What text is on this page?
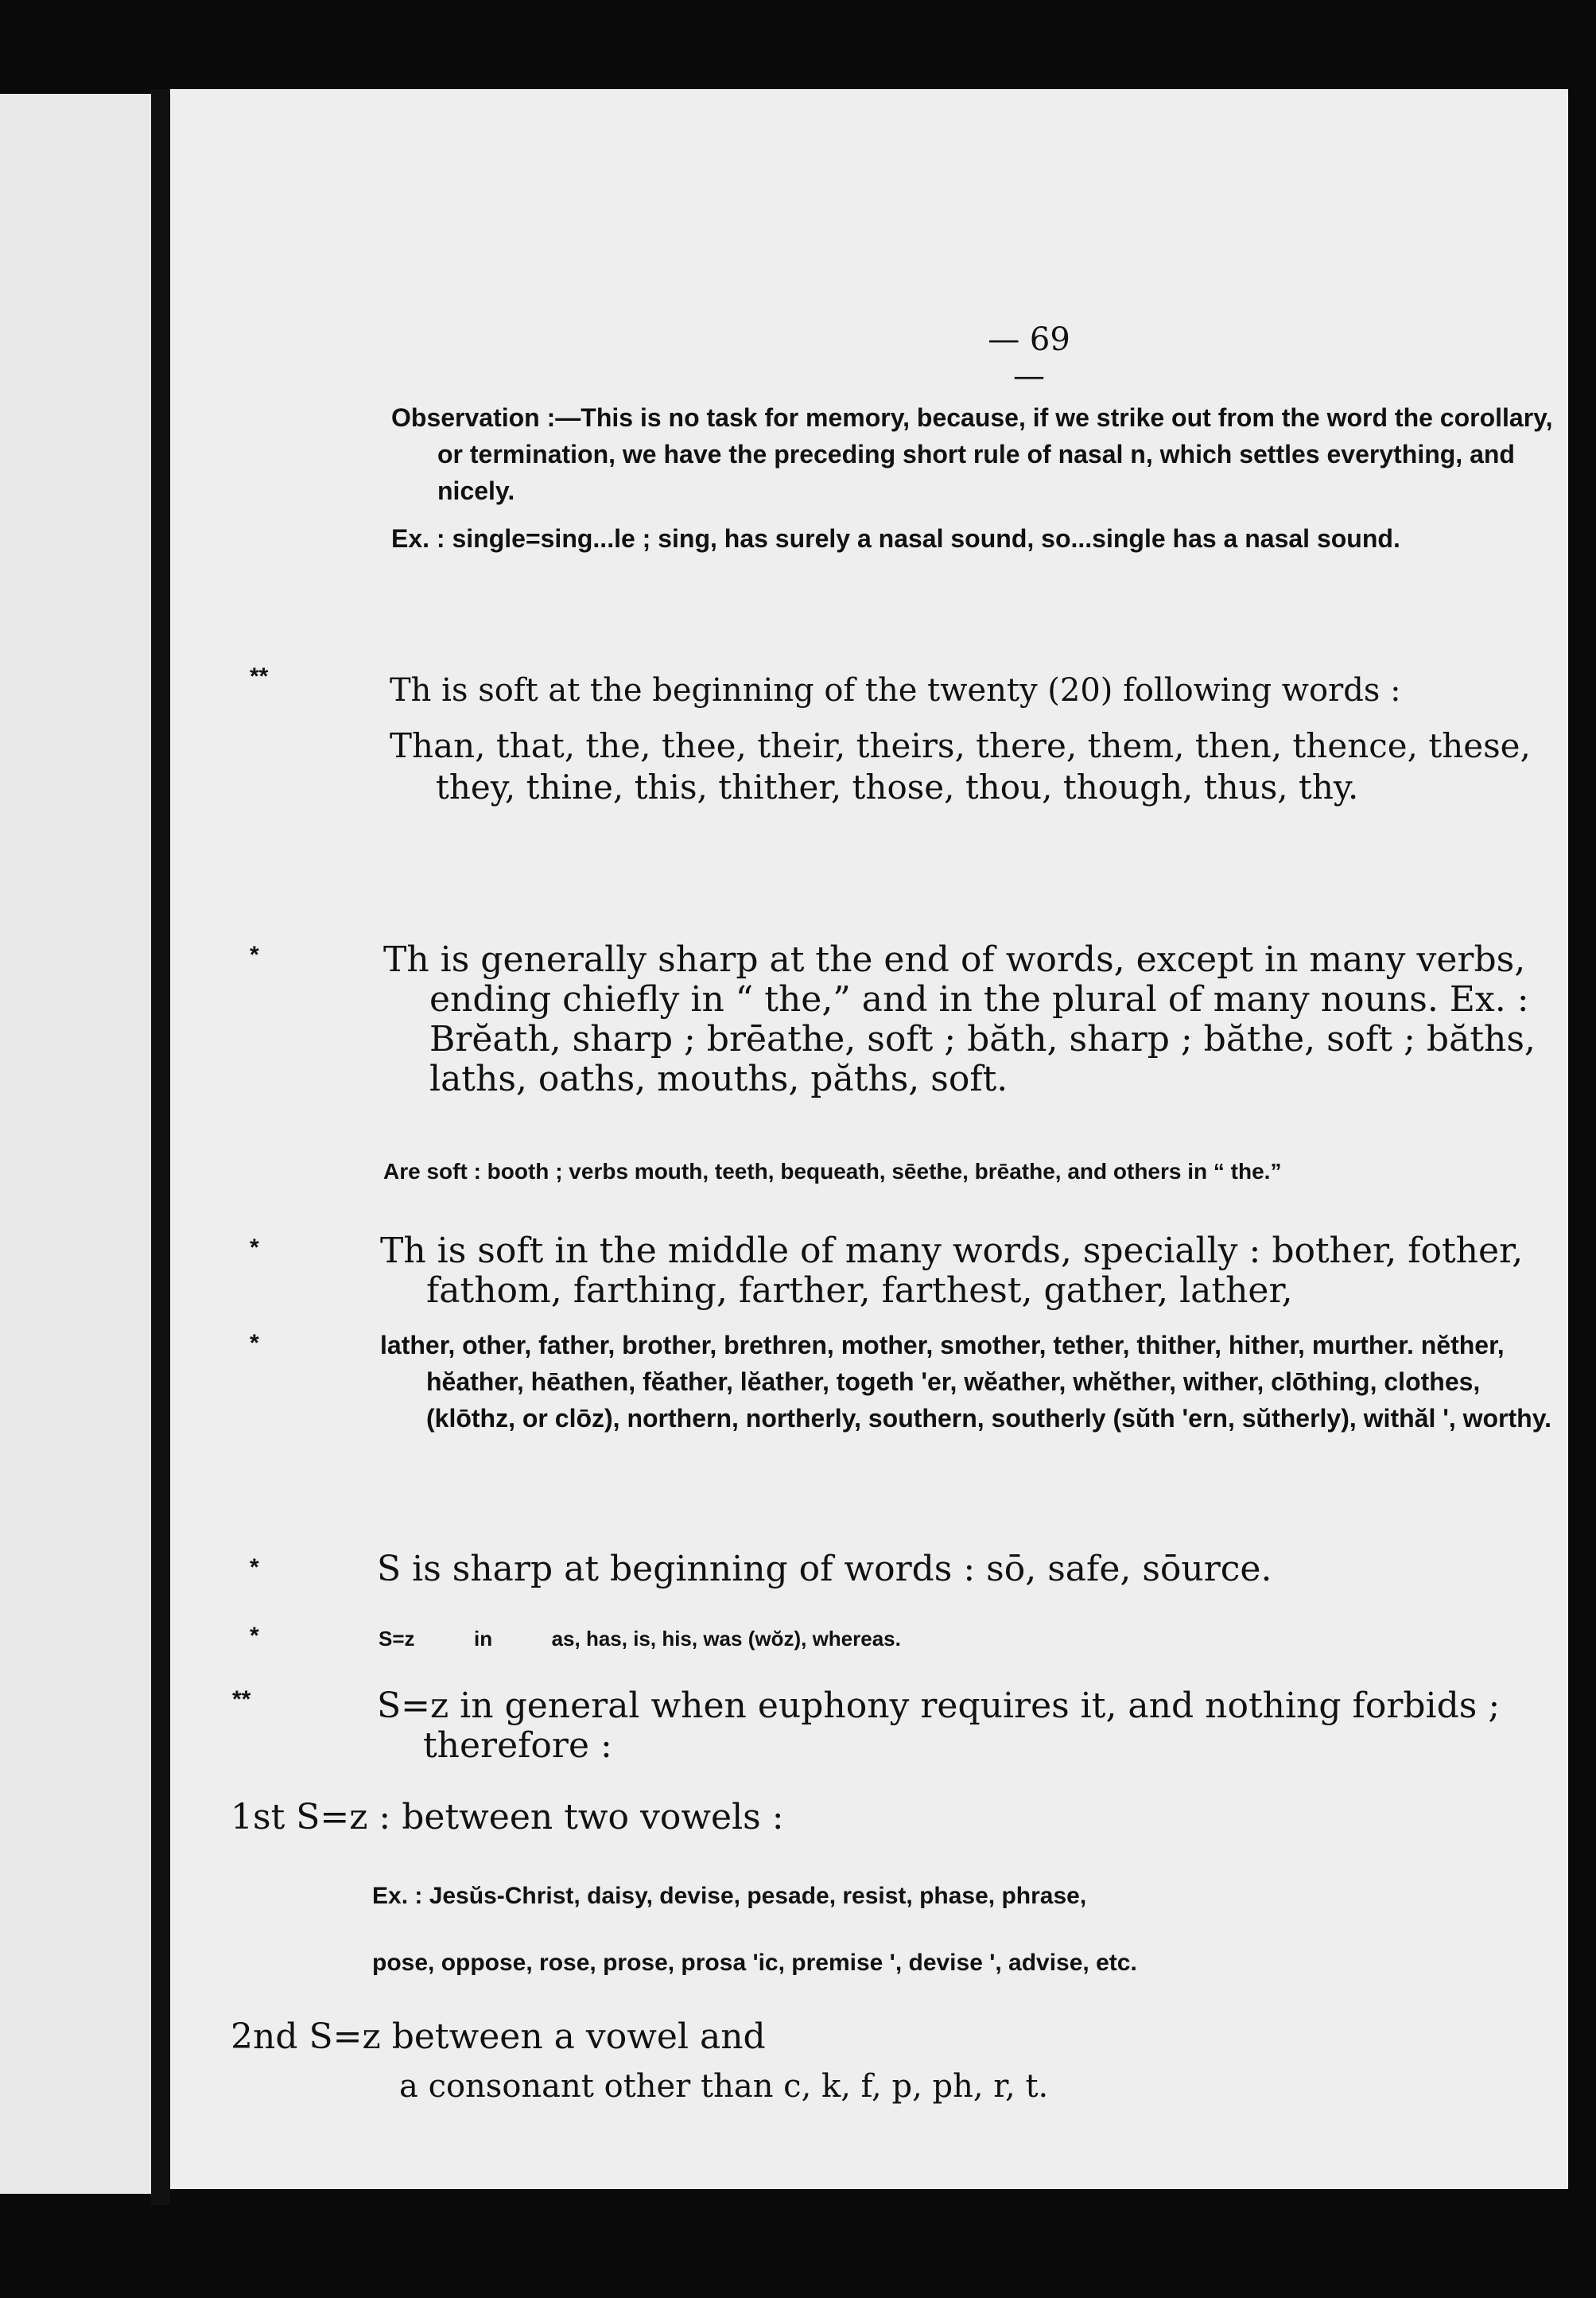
— 69 —

Observation :—This is no task for memory, because, if we strike out from the word the corollary, or termination, we have the preceding short rule of nasal n, which settles everything, and nicely.

Ex. : single=sing...le ; sing, has surely a nasal sound, so...single has a nasal sound.

**	Th is soft at the beginning of the twenty (20) following words :

Than, that, the, thee, their, theirs, there, them, then, thence, these, they, thine, this, thither, those, thou, though, thus, thy.

*	Th is generally sharp at the end of words, except in many verbs, ending chiefly in “ the,” and in the plural of many nouns. Ex. : Brĕath, sharp ; brēathe, soft ; băth, sharp ; băthe, soft ; băths, laths, oaths, mouths, păths, soft.

Are soft : booth ; verbs mouth, teeth, bequeath, sēethe, brēathe, and others in “ the.”

*
*

Th is soft in the middle of many words, specially : bother, fother, fathom, farthing, farther, farthest, gather, lather,

lather, other, father, brother, brethren, mother, smother, tether, thither, hither, murther. nĕther, hĕather, hēathen, fĕather, lĕather, togeth ʹer, wĕather, whĕther, wither, clōthing, clothes, (klōthz, or clōz), northern, northerly, southern, southerly (sŭth ʹern, sŭtherly), withăl ʹ, worthy.

*	S is sharp at beginning of words : sō, safe, sōurce.

*	S=z	in	as, has, is, his, was (wŏz), whereas.
**	S=z in general when euphony requires it, and nothing forbids ; therefore :

1st S=z : between two vowels :
Ex. : Jesŭs-Christ, daisy, devise, pesade, resist, phase, phrase,
pose, oppose, rose, prose, prosa ʹic, premise ʹ, devise ʹ, advise, etc.
2nd S=z between a vowel and
a consonant other than c, k, f, p, ph, r, t.
